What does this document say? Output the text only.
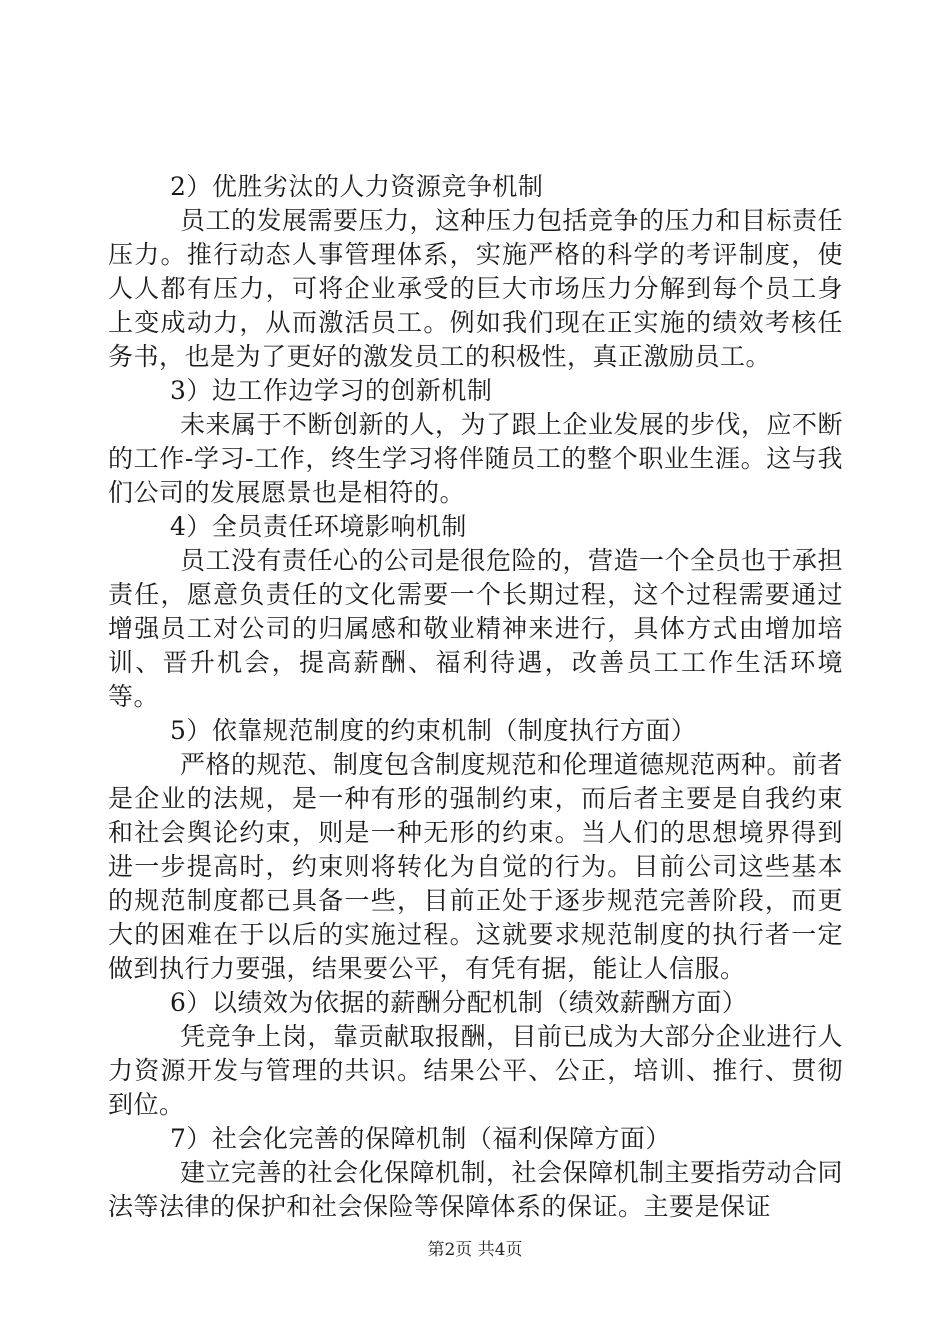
2）优胜劣汰的人力资源竞争机制

员工的发展需要压力，这种压力包括竞争的压力和目标责任压力。推行动态人事管理体系，实施严格的科学的考评制度，使人人都有压力，可将企业承受的巨大市场压力分解到每个员工身上变成动力，从而激活员工。例如我们现在正实施的绩效考核任务书，也是为了更好的激发员工的积极性，真正激励员工。

3）边工作边学习的创新机制

未来属于不断创新的人，为了跟上企业发展的步伐，应不断的工作-学习-工作，终生学习将伴随员工的整个职业生涯。这与我们公司的发展愿景也是相符的。

4）全员责任环境影响机制

员工没有责任心的公司是很危险的，营造一个全员也于承担责任，愿意负责任的文化需要一个长期过程，这个过程需要通过增强员工对公司的归属感和敬业精神来进行，具体方式由增加培训、晋升机会，提高薪酬、福利待遇，改善员工工作生活环境等。

5）依靠规范制度的约束机制（制度执行方面）

严格的规范、制度包含制度规范和伦理道德规范两种。前者是企业的法规，是一种有形的强制约束，而后者主要是自我约束和社会舆论约束，则是一种无形的约束。当人们的思想境界得到进一步提高时，约束则将转化为自觉的行为。目前公司这些基本的规范制度都已具备一些，目前正处于逐步规范完善阶段，而更大的困难在于以后的实施过程。这就要求规范制度的执行者一定做到执行力要强，结果要公平，有凭有据，能让人信服。

6）以绩效为依据的薪酬分配机制（绩效薪酬方面）

凭竞争上岗，靠贡献取报酬，目前已成为大部分企业进行人力资源开发与管理的共识。结果公平、公正，培训、推行、贯彻到位。

7）社会化完善的保障机制（福利保障方面）

建立完善的社会化保障机制，社会保障机制主要指劳动合同法等法律的保护和社会保险等保障体系的保证。主要是保证

第2页 共4页
